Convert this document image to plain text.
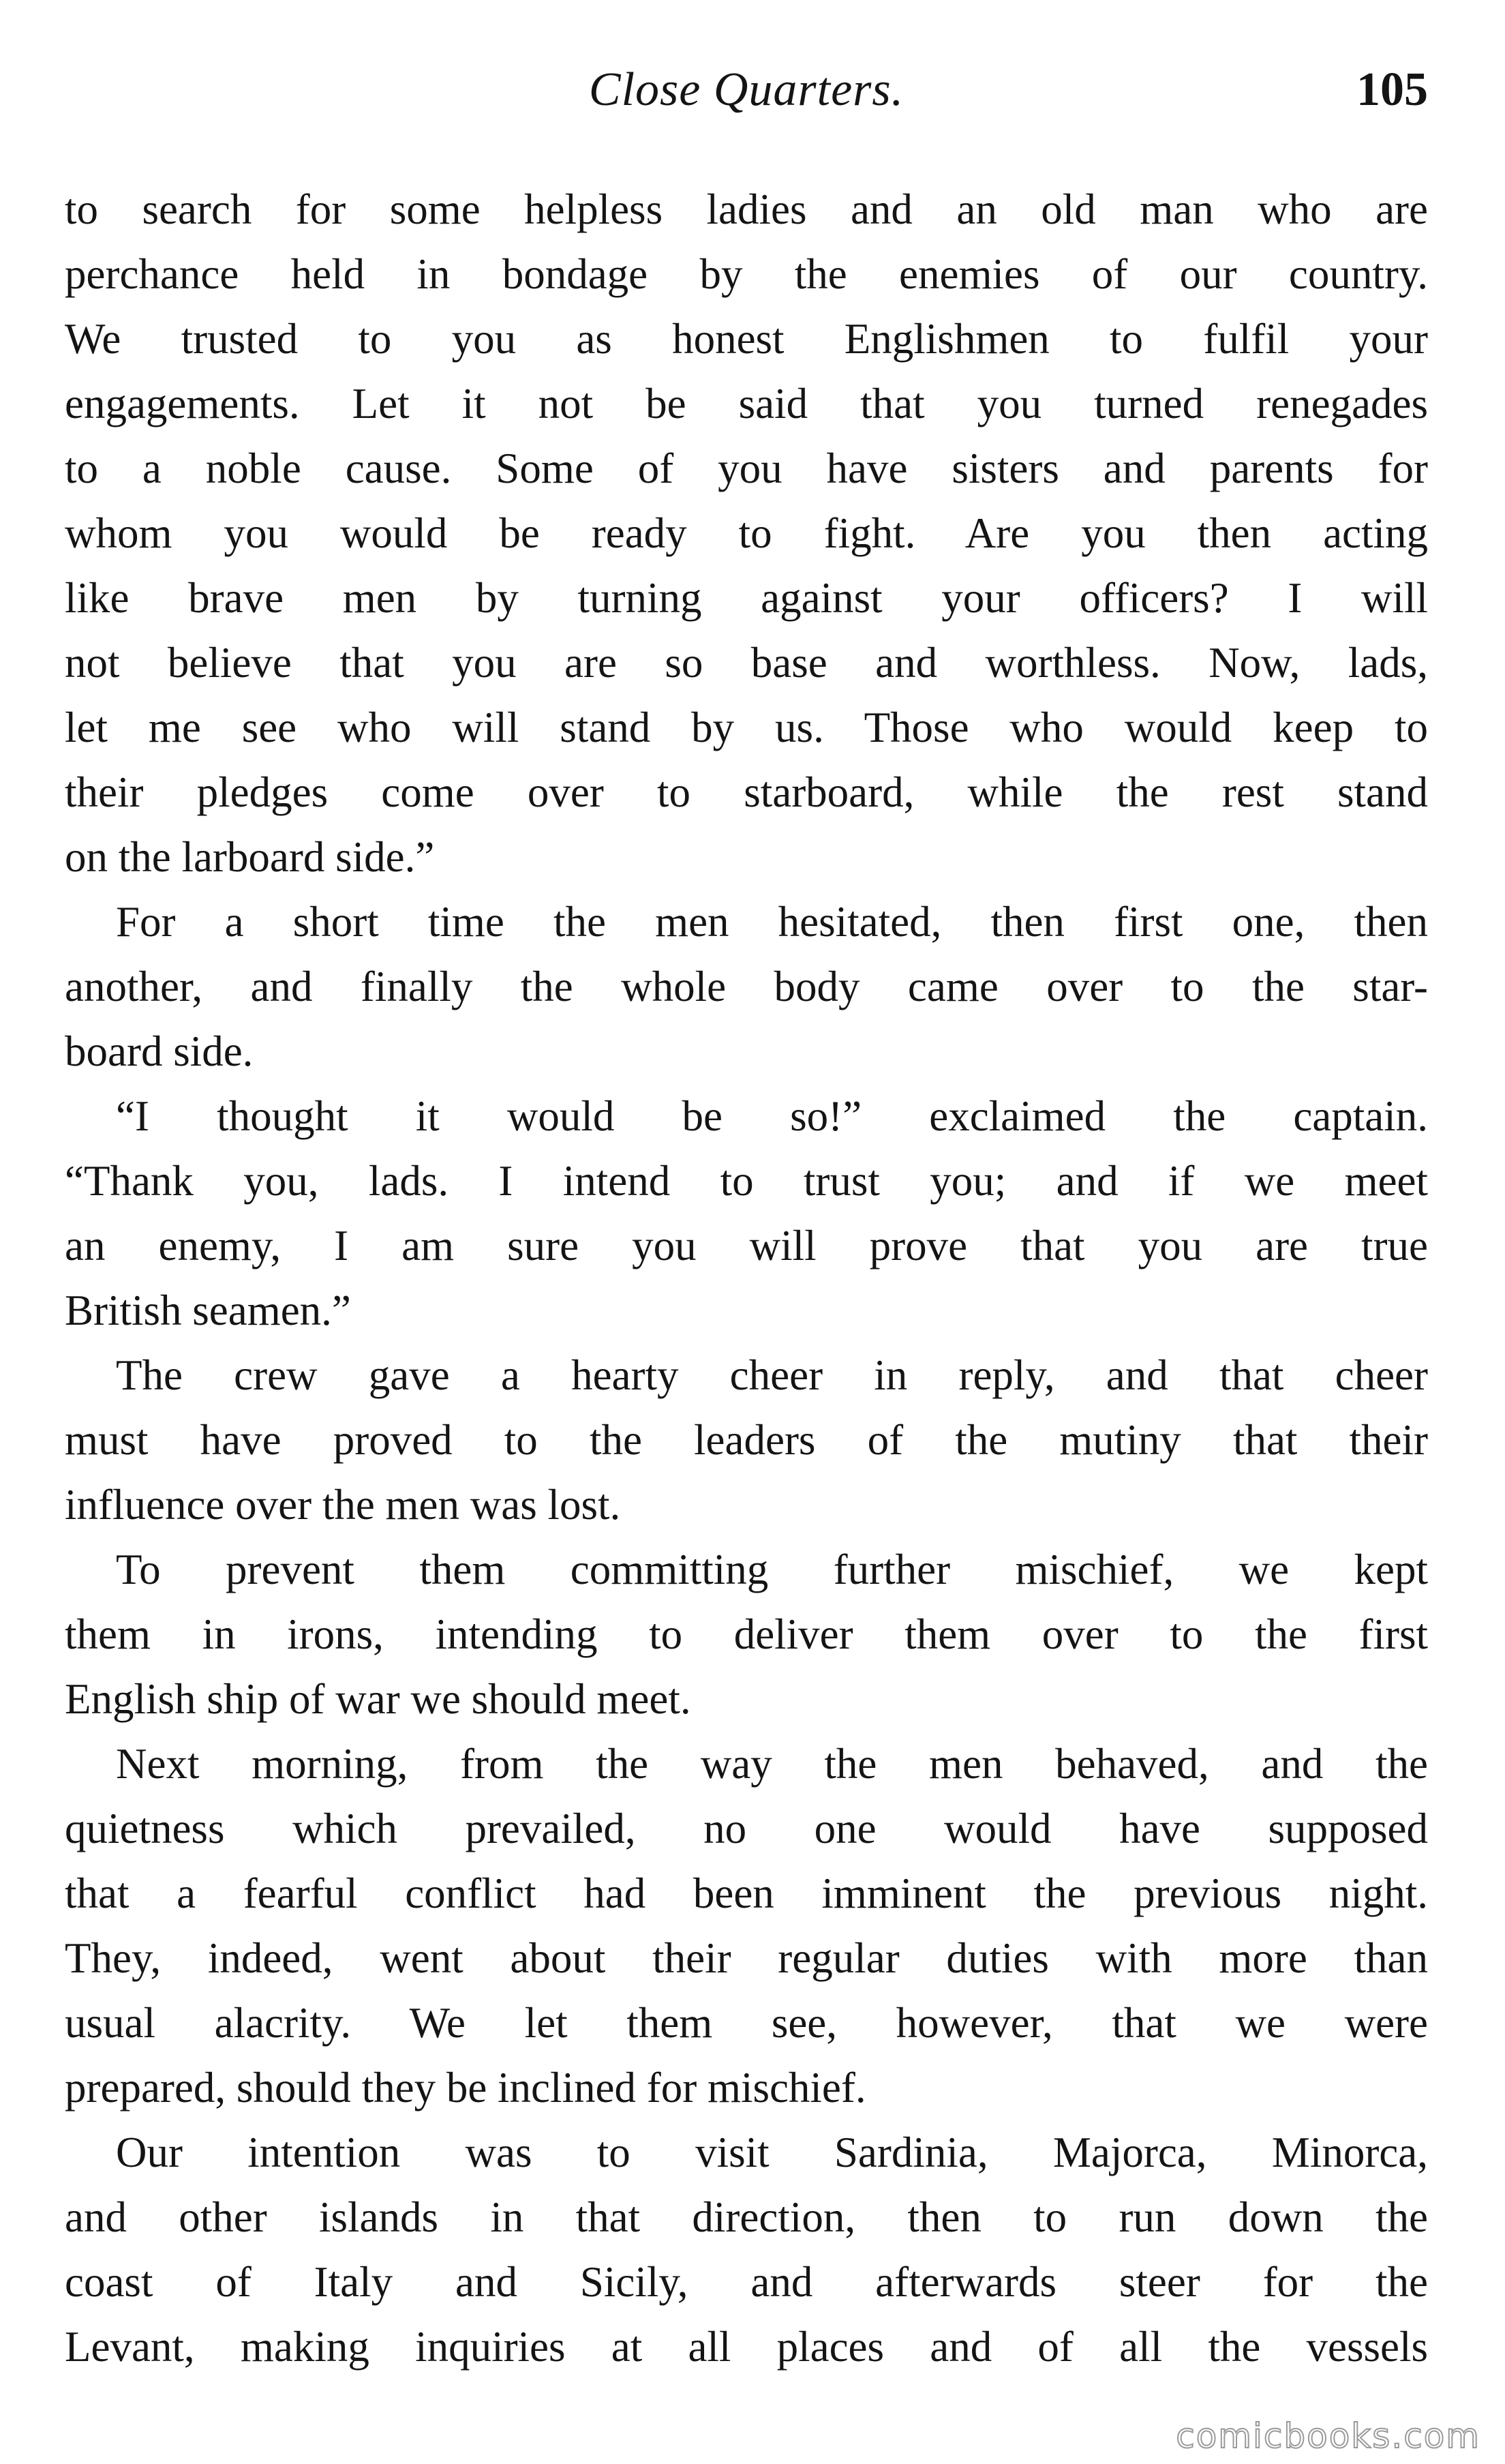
Close Quarters.	105
to search for some helpless ladies and an old man who are
perchance held in bondage by the enemies of our country.
We trusted to you as honest Englishmen to fulfil your
engagements. Let it not be said that you turned renegades
to a noble cause. Some of you have sisters and parents for
whom you would be ready to fight. Are you then acting
like brave men by turning against your officers? I will
not believe that you are so base and worthless. Now, lads,
let me see who will stand by us. Those who would keep to
their pledges come over to starboard, while the rest stand
on the larboard side.”
For a short time the men hesitated, then first one, then
another, and finally the whole body came over to the star-
board side.
“I thought it would be so!” exclaimed the captain.
“Thank you, lads. I intend to trust you; and if we meet
an enemy, I am sure you will prove that you are true
British seamen.”
The crew gave a hearty cheer in reply, and that cheer
must have proved to the leaders of the mutiny that their
influence over the men was lost.
To prevent them committing further mischief, we kept
them in irons, intending to deliver them over to the first
English ship of war we should meet.
Next morning, from the way the men behaved, and the
quietness which prevailed, no one would have supposed
that a fearful conflict had been imminent the previous night.
They, indeed, went about their regular duties with more than
usual alacrity. We let them see, however, that we were
prepared, should they be inclined for mischief.
Our intention was to visit Sardinia, Majorca, Minorca,
and other islands in that direction, then to run down the
coast of Italy and Sicily, and afterwards steer for the
Levant, making inquiries at all places and of all the vessels
comicbooks.com
